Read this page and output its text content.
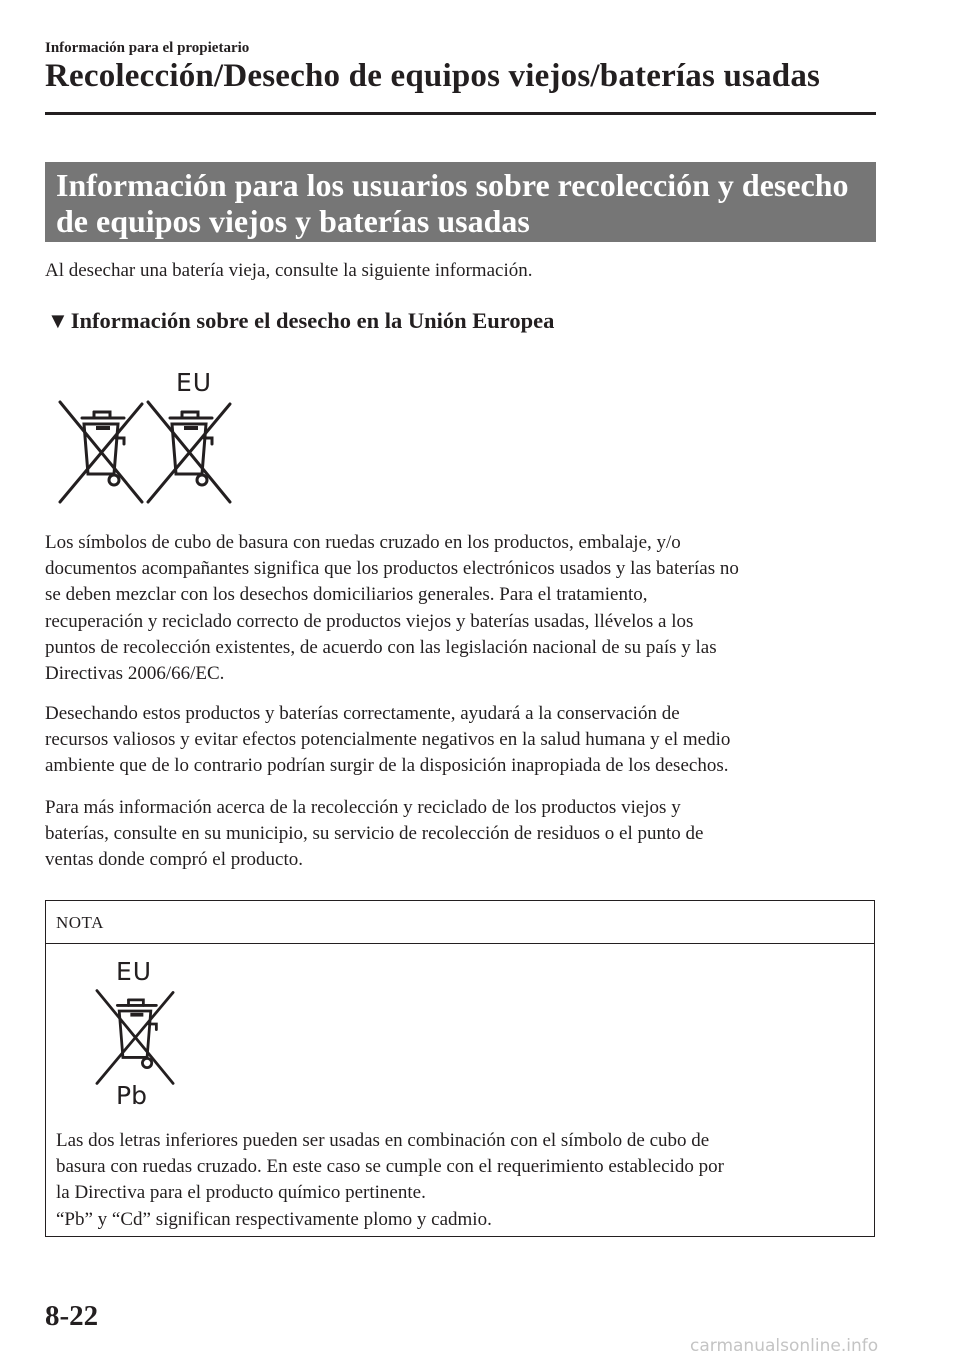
Información para el propietario
Recolección/Desecho de equipos viejos/baterías usadas
Información para los usuarios sobre recolección y desecho
de equipos viejos y baterías usadas
Al desechar una batería vieja, consulte la siguiente información.
▼Información sobre el desecho en la Unión Europea
EU
Los símbolos de cubo de basura con ruedas cruzado en los productos, embalaje, y/o
documentos acompañantes significa que los productos electrónicos usados y las baterías no
se deben mezclar con los desechos domiciliarios generales. Para el tratamiento,
recuperación y reciclado correcto de productos viejos y baterías usadas, llévelos a los
puntos de recolección existentes, de acuerdo con las legislación nacional de su país y las
Directivas 2006/66/EC.
Desechando estos productos y baterías correctamente, ayudará a la conservación de
recursos valiosos y evitar efectos potencialmente negativos en la salud humana y el medio
ambiente que de lo contrario podrían surgir de la disposición inapropiada de los desechos.
Para más información acerca de la recolección y reciclado de los productos viejos y
baterías, consulte en su municipio, su servicio de recolección de residuos o el punto de
ventas donde compró el producto.
NOTA
EU
Pb
Las dos letras inferiores pueden ser usadas en combinación con el símbolo de cubo de
basura con ruedas cruzado. En este caso se cumple con el requerimiento establecido por
la Directiva para el producto químico pertinente.
“Pb” y “Cd” significan respectivamente plomo y cadmio.
8-22
carmanualsonline.info
